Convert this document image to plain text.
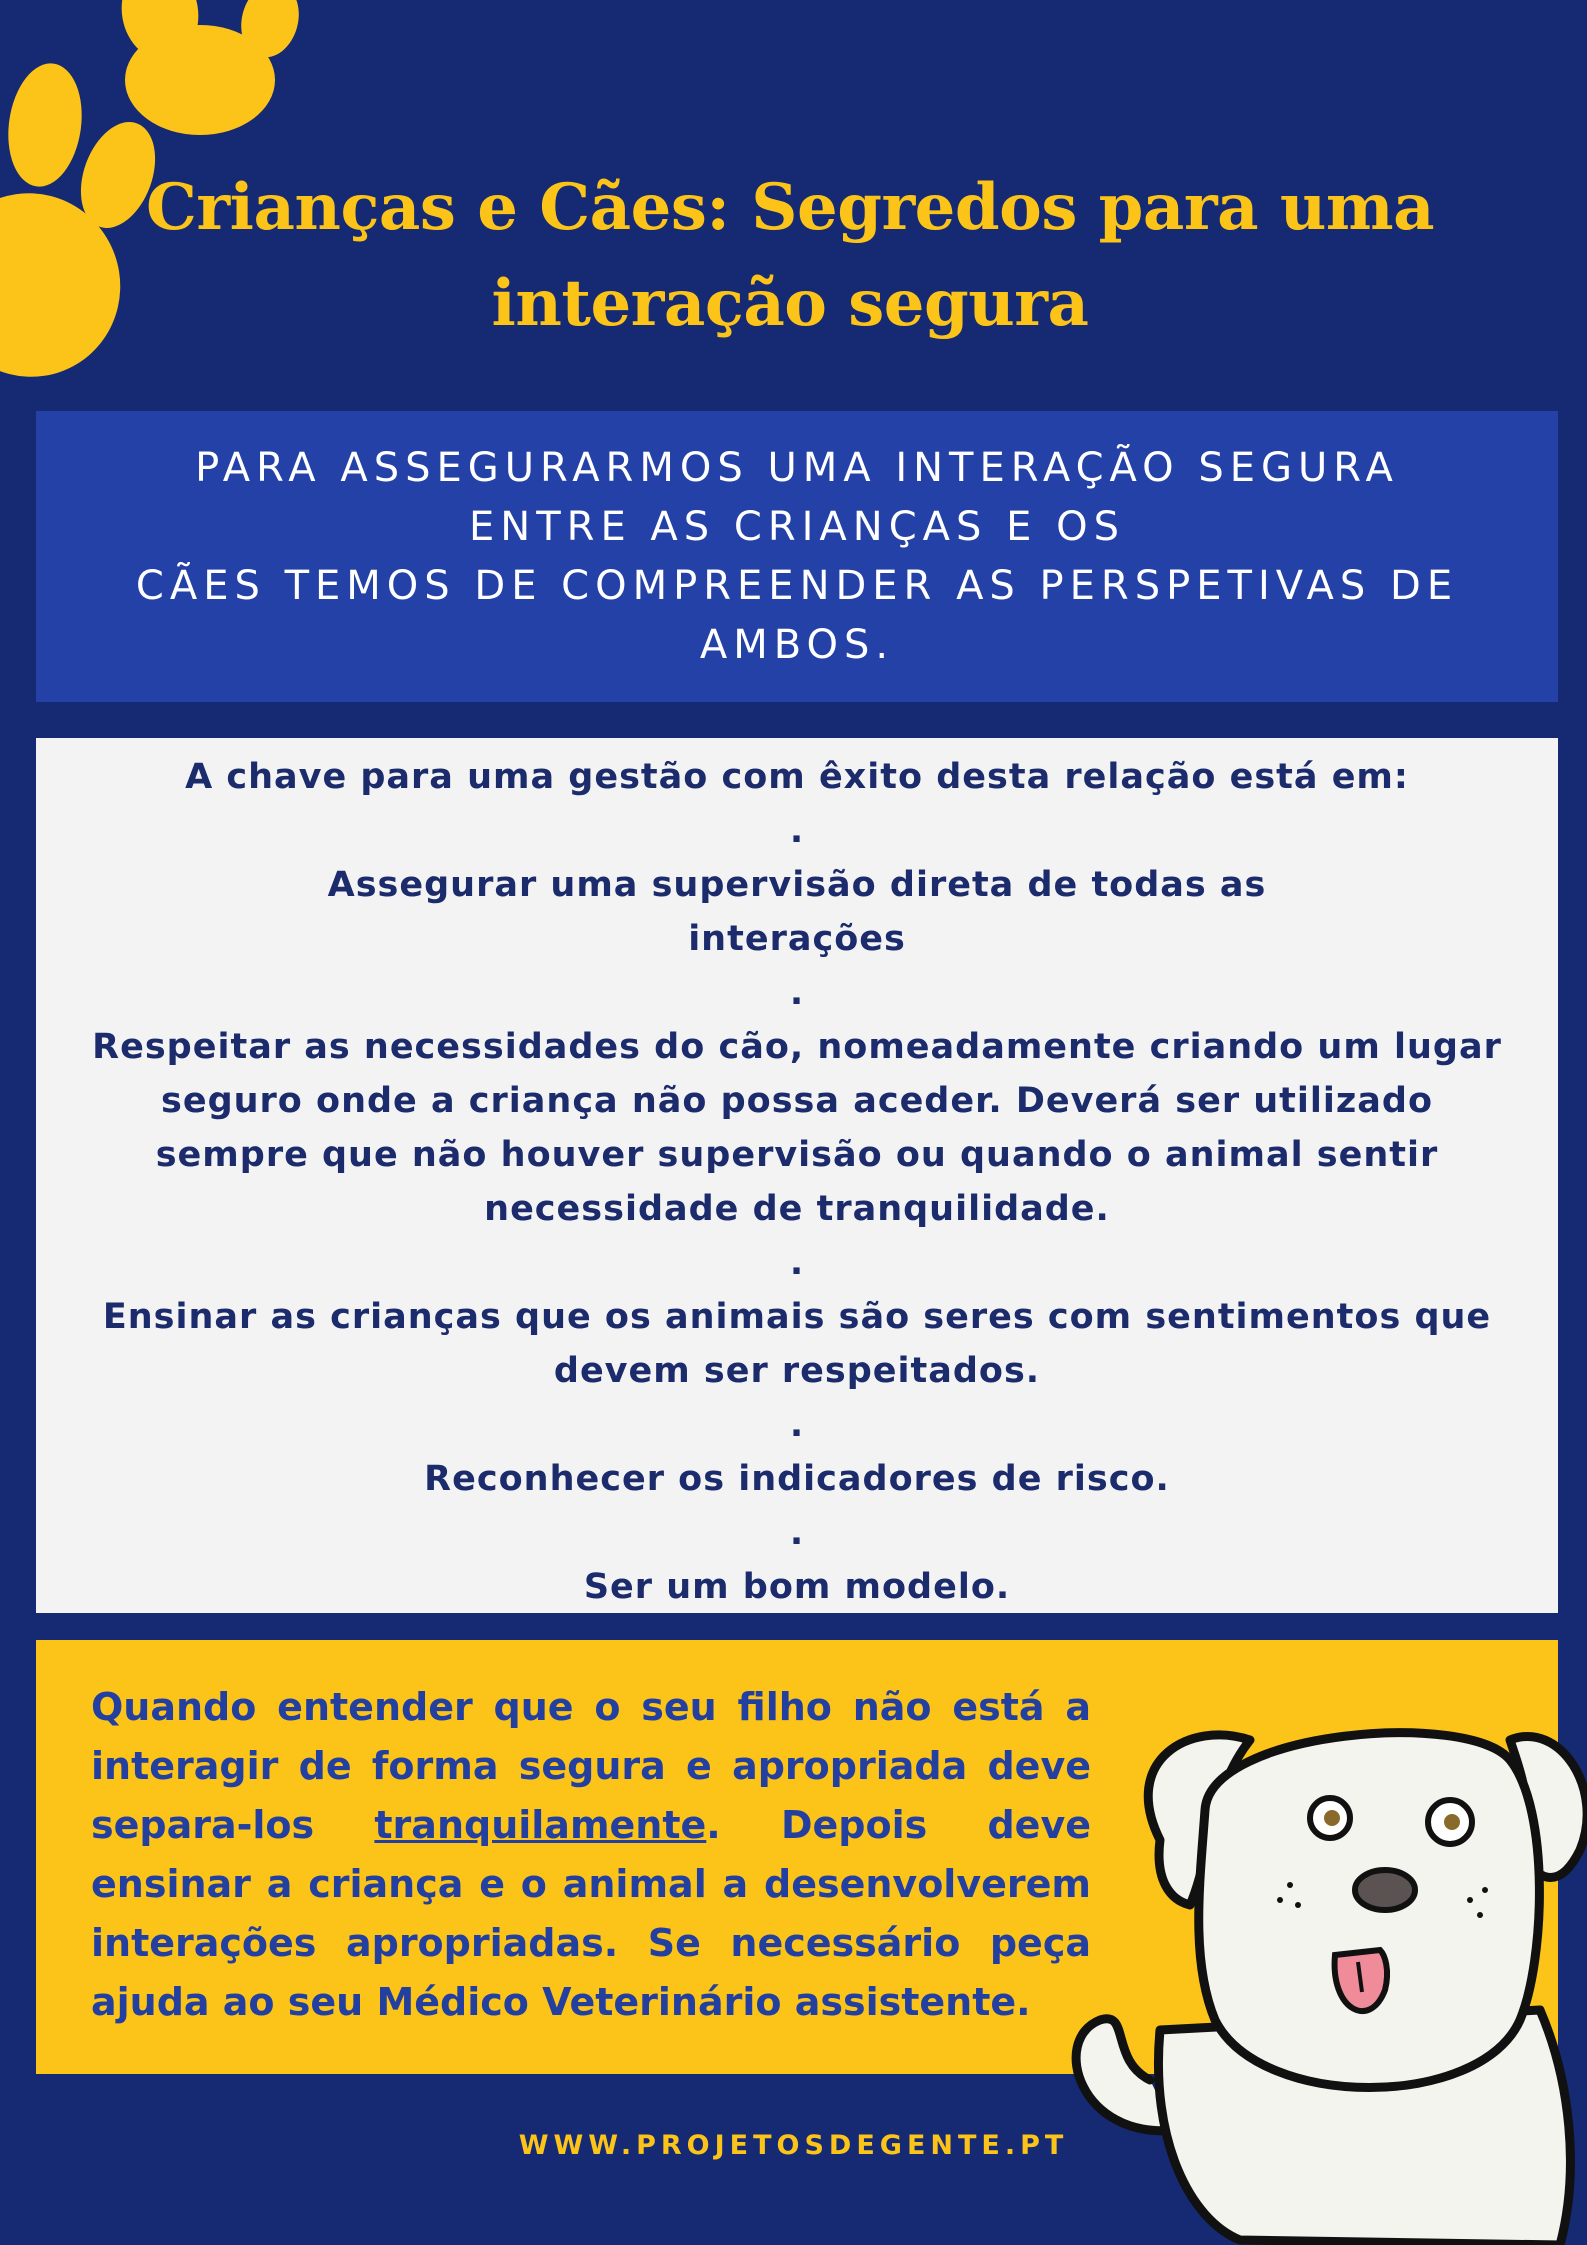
Crianças e Cães: Segredos para uma
interação segura
PARA ASSEGURARMOS UMA INTERAÇÃO SEGURA
ENTRE AS CRIANÇAS E OS
CÃES TEMOS DE COMPREENDER AS PERSPETIVAS DE AMBOS.

A chave para uma gestão com êxito desta relação está em:

.

Assegurar uma supervisão direta de todas as interações

.

Respeitar as necessidades do cão, nomeadamente criando um lugar seguro onde a criança não possa aceder. Deverá ser utilizado sempre que não houver supervisão ou quando o animal sentir necessidade de tranquilidade.

.

Ensinar as crianças que os animais são seres com sentimentos que devem ser respeitados.

.

Reconhecer os indicadores de risco.

.

Ser um bom modelo.

Quando entender que o seu filho não está a interagir de forma segura e apropriada deve separa-los tranquilamente. Depois deve ensinar a criança e o animal a desenvolverem interações apropriadas. Se necessário peça ajuda ao seu Médico Veterinário assistente.
WWW.PROJETOSDEGENTE.PT
